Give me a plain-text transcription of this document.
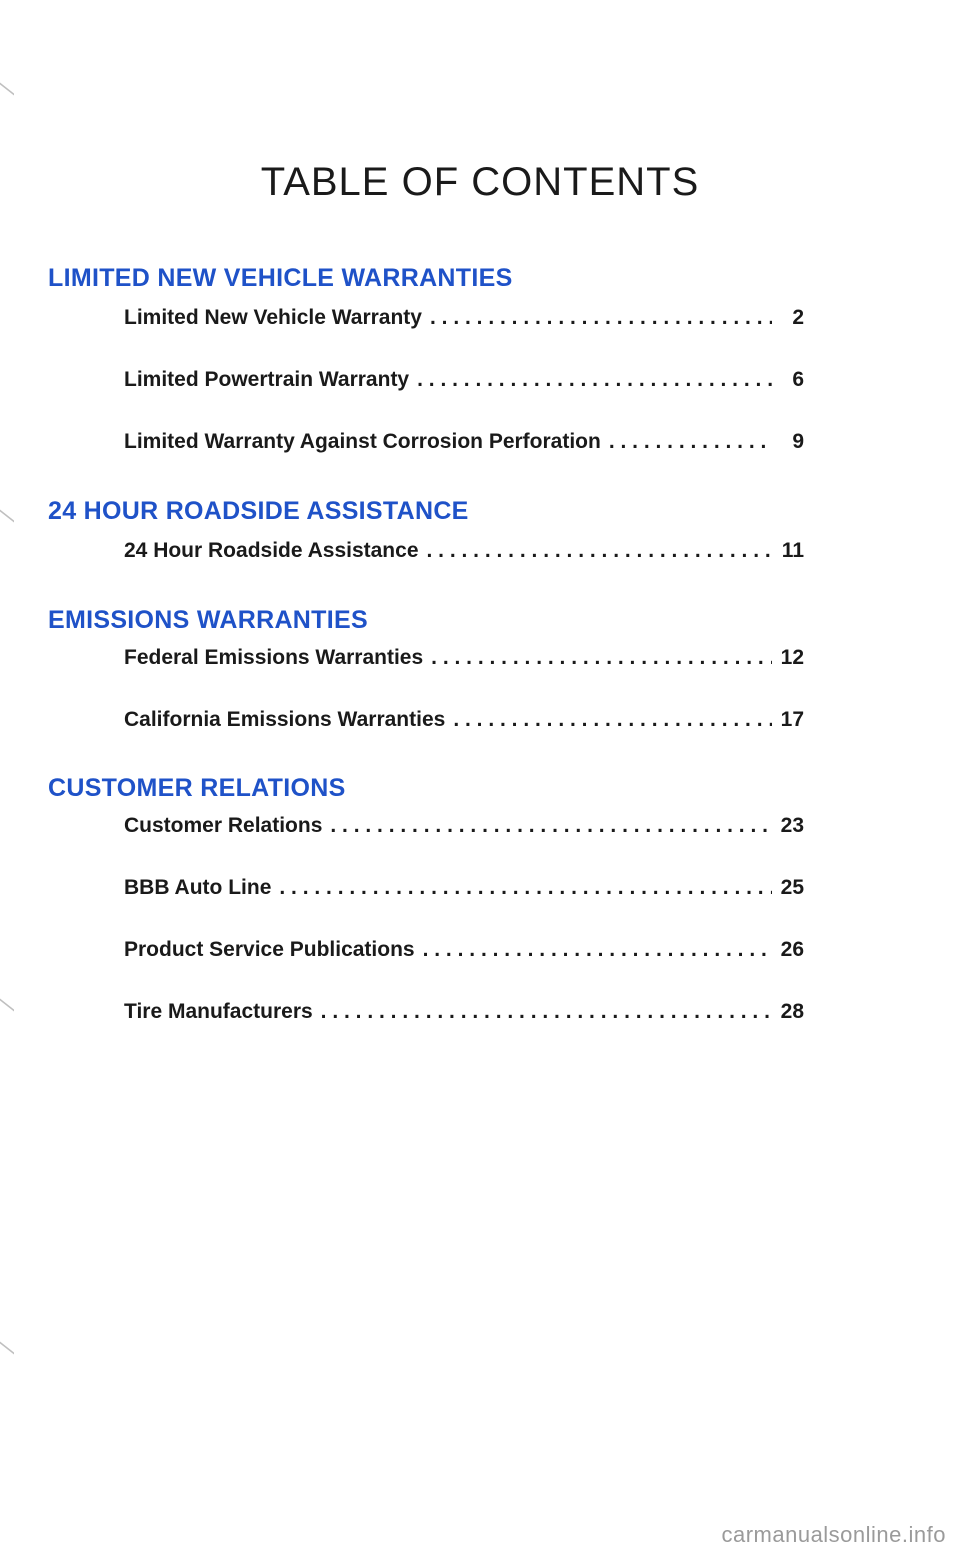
TABLE OF CONTENTS
LIMITED NEW VEHICLE WARRANTIES
Limited New Vehicle Warranty . . .	2
Limited Powertrain Warranty . . .	6
Limited Warranty Against Corrosion Perforation . . .	9
24 HOUR ROADSIDE ASSISTANCE
24 Hour Roadside Assistance . . .	11
EMISSIONS WARRANTIES
Federal Emissions Warranties . . .	12
California Emissions Warranties . . .	17
CUSTOMER RELATIONS
Customer Relations . . .	23
BBB Auto Line . . .	25
Product Service Publications . . .	26
Tire Manufacturers . . .	28
carmanualsonline.info
